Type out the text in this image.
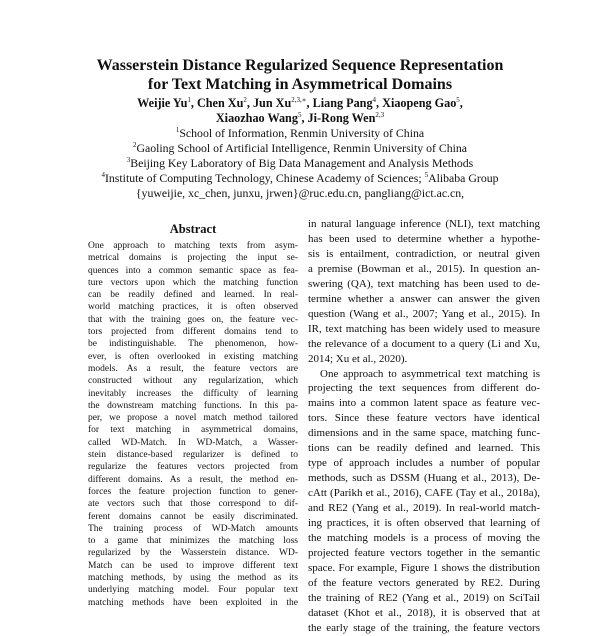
Wasserstein Distance Regularized Sequence Representation
for Text Matching in Asymmetrical Domains
Weijie Yu$^1$, Chen Xu$^2$, Jun $Xu^{2,3,∗}$, Liang Pang$^4$, Xiaopeng Gao$^5$,
Xiaozhao Wang$^5$, Ji-Rong Wen$^{2,3}$
$^1$School of Information, Renmin University of China
$^2$Gaoling School of Artificial Intelligence, Renmin University of China
$^3$Beijing Key Laboratory of Big Data Management and Analysis Methods
$^4$Institute of Computing Technology, Chinese Academy of Sciences; $^5$Alibaba Group
{yuweijie, xc_chen, junxu, jrwen}@ruc.edu.cn, pangliang@ict.ac.cn,
Abstract
One approach to matching texts from asym-
metrical domains is projecting the input se-
quences into a common semantic space as fea-
ture vectors upon which the matching function
can be readily defined and learned. In real-
world matching practices, it is often observed
that with the training goes on, the feature vec-
tors projected from different domains tend to
be indistinguishable. The phenomenon, how-
ever, is often overlooked in existing matching
models. As a result, the feature vectors are
constructed without any regularization, which
inevitably increases the difficulty of learning
the downstream matching functions. In this pa-
per, we propose a novel match method tailored
for text matching in asymmetrical domains,
called WD-Match. In WD-Match, a Wasser-
stein distance-based regularizer is defined to
regularize the features vectors projected from
different domains. As a result, the method en-
forces the feature projection function to gener-
ate vectors such that those correspond to dif-
ferent domains cannot be easily discriminated.
The training process of WD-Match amounts
to a game that minimizes the matching loss
regularized by the Wasserstein distance. WD-
Match can be used to improve different text
matching methods, by using the method as its
underlying matching model. Four popular text
matching methods have been exploited in the
in natural language inference (NLI), text matching
has been used to determine whether a hypothe-
sis is entailment, contradiction, or neutral given
a premise (Bowman et al., 2015). In question an-
swering (QA), text matching has been used to de-
termine whether a answer can answer the given
question (Wang et al., 2007; Yang et al., 2015). In
IR, text matching has been widely used to measure
the relevance of a document to a query (Li and Xu,
2014; Xu et al., 2020).
One approach to asymmetrical text matching is
projecting the text sequences from different do-
mains into a common latent space as feature vec-
tors. Since these feature vectors have identical
dimensions and in the same space, matching func-
tions can be readily defined and learned. This
type of approach includes a number of popular
methods, such as DSSM (Huang et al., 2013), De-
cAtt (Parikh et al., 2016), CAFE (Tay et al., 2018a),
and RE2 (Yang et al., 2019). In real-world match-
ing practices, it is often observed that learning of
the matching models is a process of moving the
projected feature vectors together in the semantic
space. For example, Figure 1 shows the distribution
of the feature vectors generated by RE2. During
the training of RE2 (Yang et al., 2019) on SciTail
dataset (Khot et al., 2018), it is observed that at
the early stage of the training, the feature vectors
